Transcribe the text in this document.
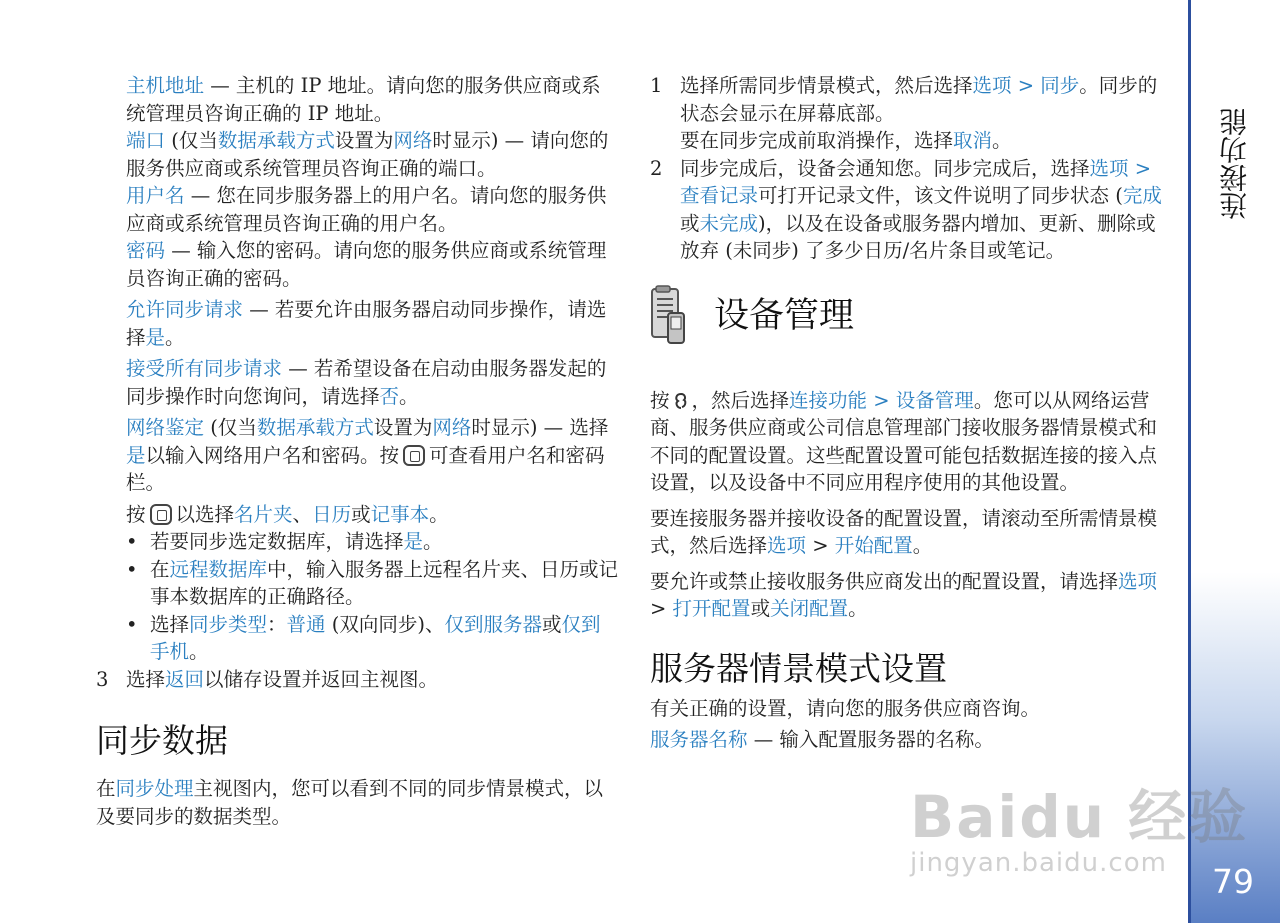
连接功能
79

主机地址 — 主机的 IP 地址。请向您的服务供应商或系统管理员咨询正确的 IP 地址。

端口 (仅当数据承载方式设置为网络时显示) — 请向您的服务供应商或系统管理员咨询正确的端口。

用户名 — 您在同步服务器上的用户名。请向您的服务供应商或系统管理员咨询正确的用户名。

密码 — 输入您的密码。请向您的服务供应商或系统管理员咨询正确的密码。

允许同步请求 — 若要允许由服务器启动同步操作，请选择是。

接受所有同步请求 — 若希望设备在启动由服务器发起的同步操作时向您询问，请选择否。

网络鉴定 (仅当数据承载方式设置为网络时显示) — 选择是以输入网络用户名和密码。按 可查看用户名和密码栏。

按 以选择名片夹、日历或记事本。

• 若要同步选定数据库，请选择是。

• 在远程数据库中，输入服务器上远程名片夹、日历或记事本数据库的正确路径。

• 选择同步类型：普通 (双向同步)、仅到服务器或仅到手机。

3 选择返回以储存设置并返回主视图。

同步数据

在同步处理主视图内，您可以看到不同的同步情景模式，以及要同步的数据类型。

1 选择所需同步情景模式，然后选择选项 > 同步。同步的状态会显示在屏幕底部。
要在同步完成前取消操作，选择取消。

2 同步完成后，设备会通知您。同步完成后，选择选项 > 查看记录可打开记录文件，该文件说明了同步状态 (完成或未完成)，以及在设备或服务器内增加、更新、删除或放弃 (未同步) 了多少日历/名片条目或笔记。

设备管理

按 ，然后选择连接功能 > 设备管理。您可以从网络运营商、服务供应商或公司信息管理部门接收服务器情景模式和不同的配置设置。这些配置设置可能包括数据连接的接入点设置，以及设备中不同应用程序使用的其他设置。

要连接服务器并接收设备的配置设置，请滚动至所需情景模式，然后选择选项 > 开始配置。

要允许或禁止接收服务供应商发出的配置设置，请选择选项 > 打开配置或关闭配置。

服务器情景模式设置

有关正确的设置，请向您的服务供应商咨询。

服务器名称 — 输入配置服务器的名称。

Baidu 经验
jingyan.baidu.com
